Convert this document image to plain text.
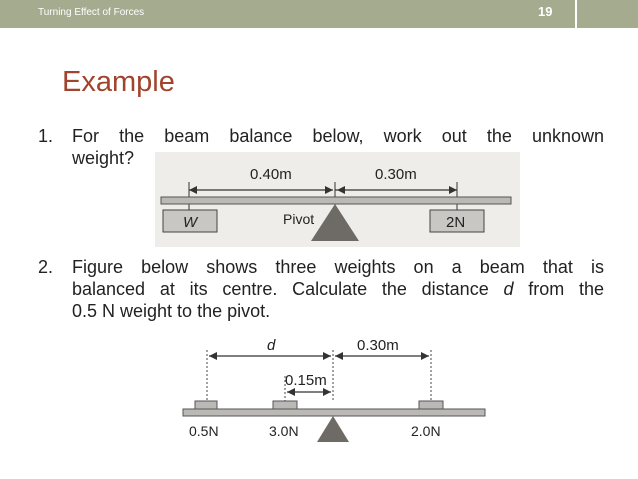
Turning Effect of Forces	19
Example
1. For the beam balance below, work out the unknown
weight?
0.40m	0.30m
W	2N
Pivot
2. Figure below shows three weights on a beam that is
balanced at its centre. Calculate the distance d from the
0.5 N weight to the pivot.
d	0.30m
0.15m
0.5N	3.0N	2.0N
